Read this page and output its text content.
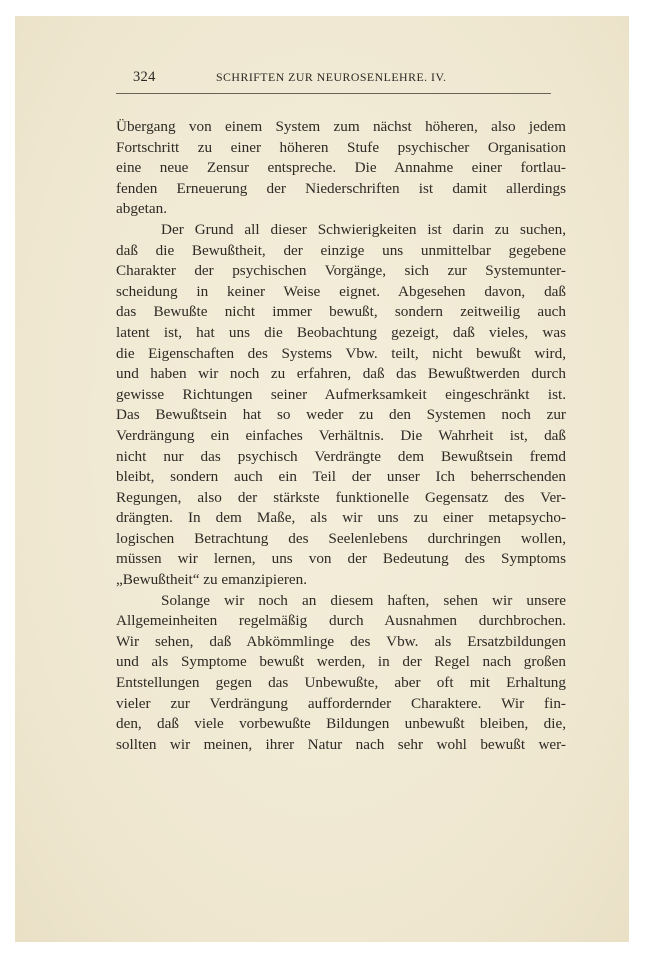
324	SCHRIFTEN ZUR NEUROSENLEHRE. IV.
Übergang von einem System zum nächst höheren, also jedem
Fortschritt zu einer höheren Stufe psychischer Organisation
eine neue Zensur entspreche. Die Annahme einer fortlau-
fenden Erneuerung der Niederschriften ist damit allerdings
abgetan.
Der Grund all dieser Schwierigkeiten ist darin zu suchen,
daß die Bewußtheit, der einzige uns unmittelbar gegebene
Charakter der psychischen Vorgänge, sich zur Systemunter-
scheidung in keiner Weise eignet. Abgesehen davon, daß
das Bewußte nicht immer bewußt, sondern zeitweilig auch
latent ist, hat uns die Beobachtung gezeigt, daß vieles, was
die Eigenschaften des Systems Vbw. teilt, nicht bewußt wird,
und haben wir noch zu erfahren, daß das Bewußtwerden durch
gewisse Richtungen seiner Aufmerksamkeit eingeschränkt ist.
Das Bewußtsein hat so weder zu den Systemen noch zur
Verdrängung ein einfaches Verhältnis. Die Wahrheit ist, daß
nicht nur das psychisch Verdrängte dem Bewußtsein fremd
bleibt, sondern auch ein Teil der unser Ich beherrschenden
Regungen, also der stärkste funktionelle Gegensatz des Ver-
drängten. In dem Maße, als wir uns zu einer metapsycho-
logischen Betrachtung des Seelenlebens durchringen wollen,
müssen wir lernen, uns von der Bedeutung des Symptoms
„Bewußtheit“ zu emanzipieren.
Solange wir noch an diesem haften, sehen wir unsere
Allgemeinheiten regelmäßig durch Ausnahmen durchbrochen.
Wir sehen, daß Abkömmlinge des Vbw. als Ersatzbildungen
und als Symptome bewußt werden, in der Regel nach großen
Entstellungen gegen das Unbewußte, aber oft mit Erhaltung
vieler zur Verdrängung auffordernder Charaktere. Wir fin-
den, daß viele vorbewußte Bildungen unbewußt bleiben, die,
sollten wir meinen, ihrer Natur nach sehr wohl bewußt wer-
